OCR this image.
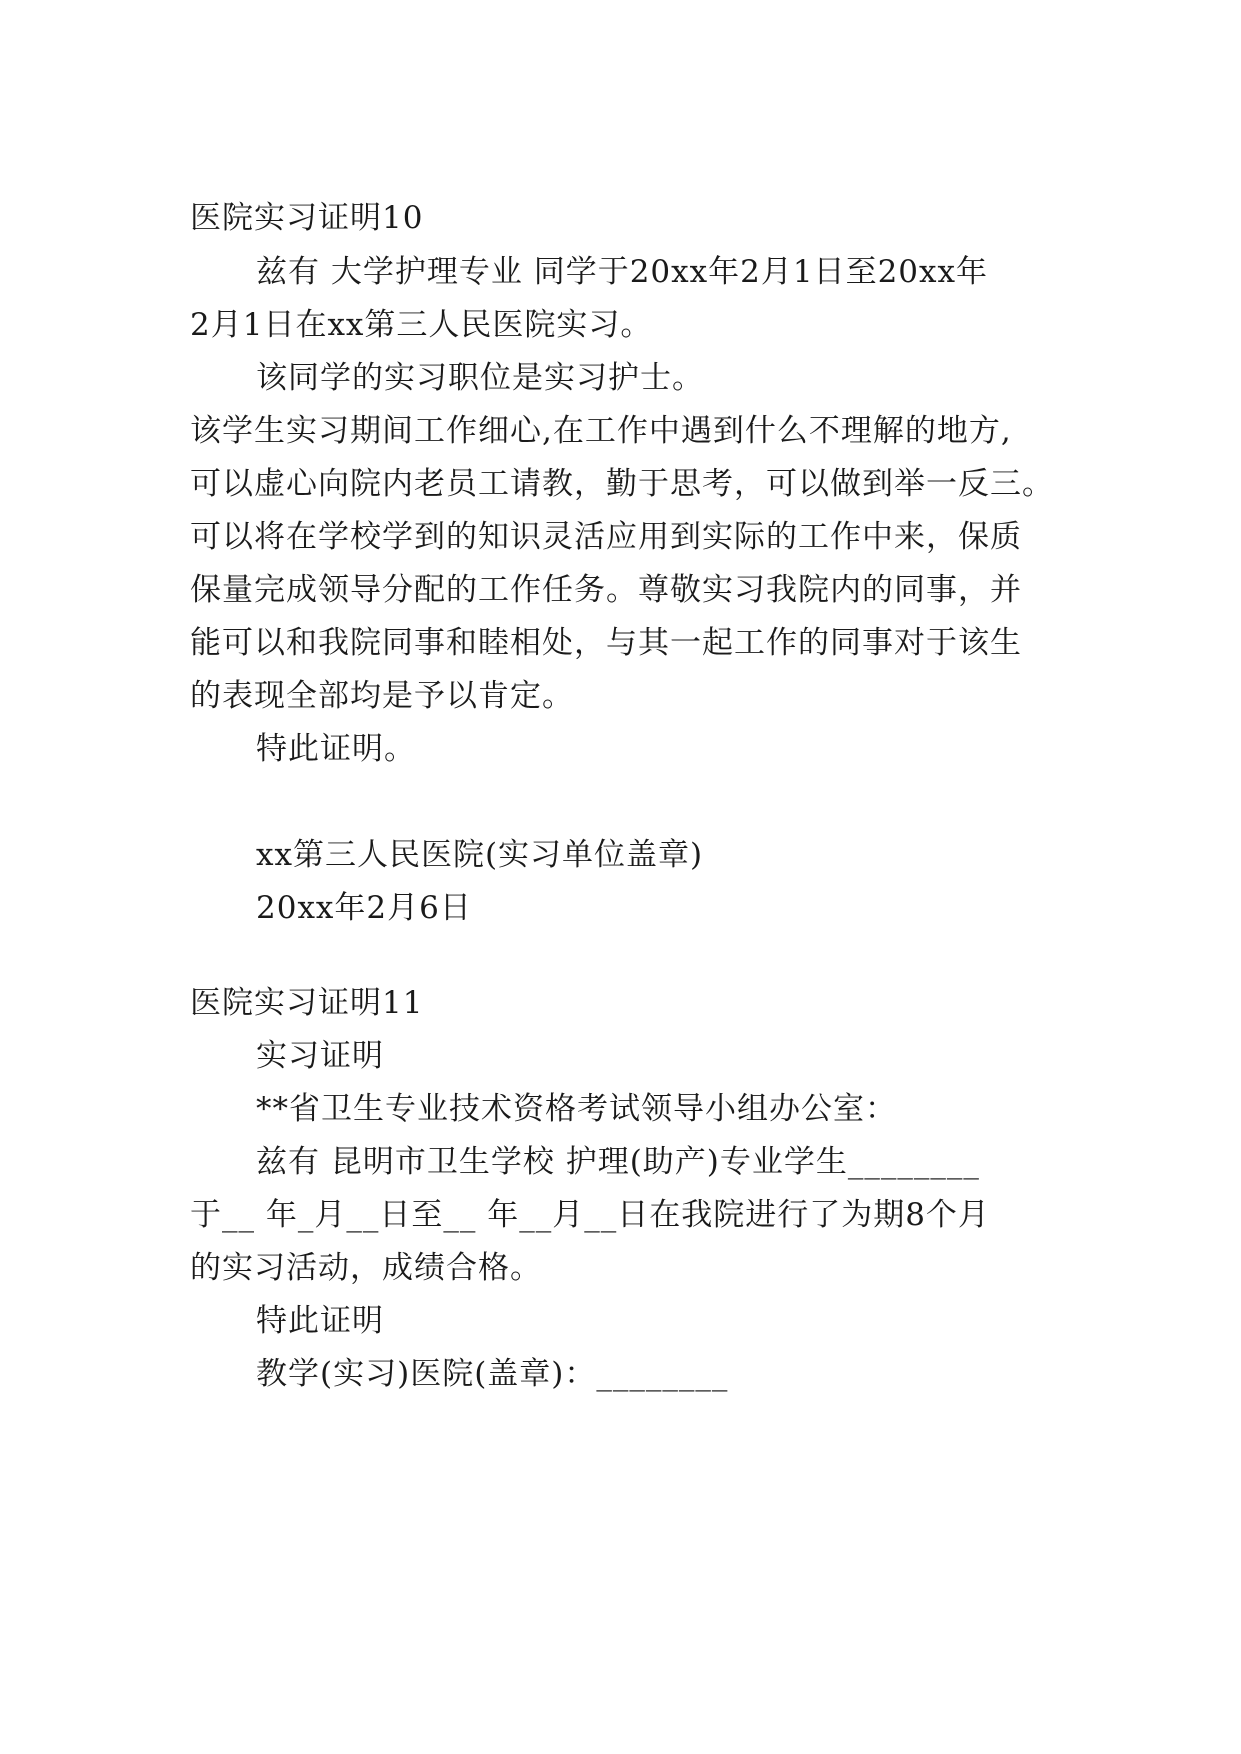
医院实习证明10
兹有 大学护理专业 同学于20xx年2月1日至20xx年
2月1日在xx第三人民医院实习。
该同学的实习职位是实习护士。
该学生实习期间工作细心,在工作中遇到什么不理解的地方,
可以虚心向院内老员工请教，勤于思考，可以做到举一反三。
可以将在学校学到的知识灵活应用到实际的工作中来，保质
保量完成领导分配的工作任务。尊敬实习我院内的同事，并
能可以和我院同事和睦相处，与其一起工作的同事对于该生
的表现全部均是予以肯定。
特此证明。
xx第三人民医院(实习单位盖章)
20xx年2月6日
医院实习证明11
实习证明
**省卫生专业技术资格考试领导小组办公室：
兹有 昆明市卫生学校 护理(助产)专业学生________
于__ 年_月__日至__ 年__月__日在我院进行了为期8个月
的实习活动，成绩合格。
特此证明
教学(实习)医院(盖章)：________
